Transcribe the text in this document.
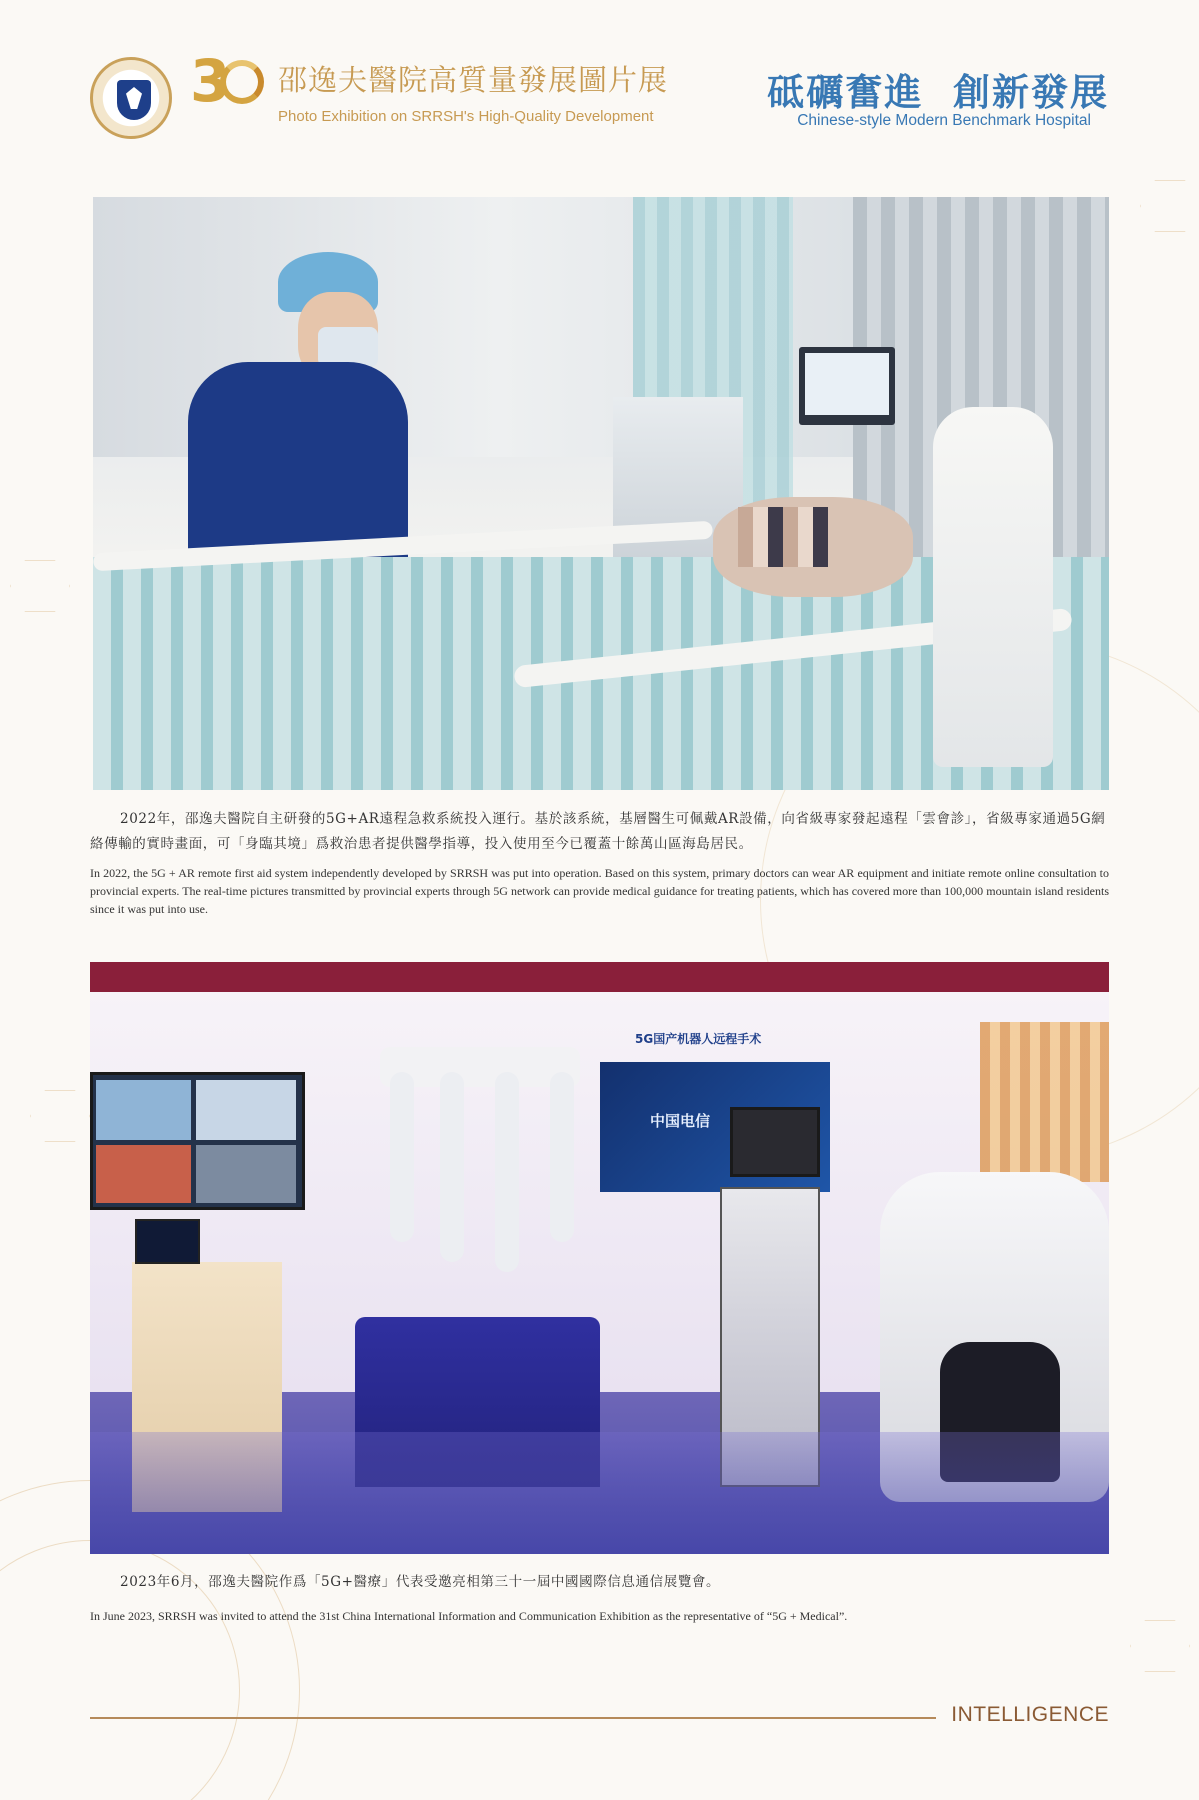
3 邵逸夫醫院高質量發展圖片展
Photo Exhibition on SRRSH's High-Quality Development
砥礪奮進  創新發展
Chinese-style Modern Benchmark Hospital
2022年，邵逸夫醫院自主研發的5G+AR遠程急救系統投入運行。基於該系統，基層醫生可佩戴AR設備，向省級專家發起遠程「雲會診」，省級專家通過5G網絡傳輸的實時畫面，可「身臨其境」爲救治患者提供醫學指導，投入使用至今已覆蓋十餘萬山區海島居民。
In 2022, the 5G + AR remote first aid system independently developed by SRRSH was put into operation. Based on this system, primary doctors can wear AR equipment and initiate remote online consultation to provincial experts. The real-time pictures transmitted by provincial experts through 5G network can provide medical guidance for treating patients, which has covered more than 100,000 mountain island residents since it was put into use.
中国电信
5G国产机器人远程手术
2023年6月，邵逸夫醫院作爲「5G+醫療」代表受邀亮相第三十一屆中國國際信息通信展覽會。
In June 2023, SRRSH was invited to attend the 31st China International Information and Communication Exhibition as the representative of “5G + Medical”.
INTELLIGENCE
